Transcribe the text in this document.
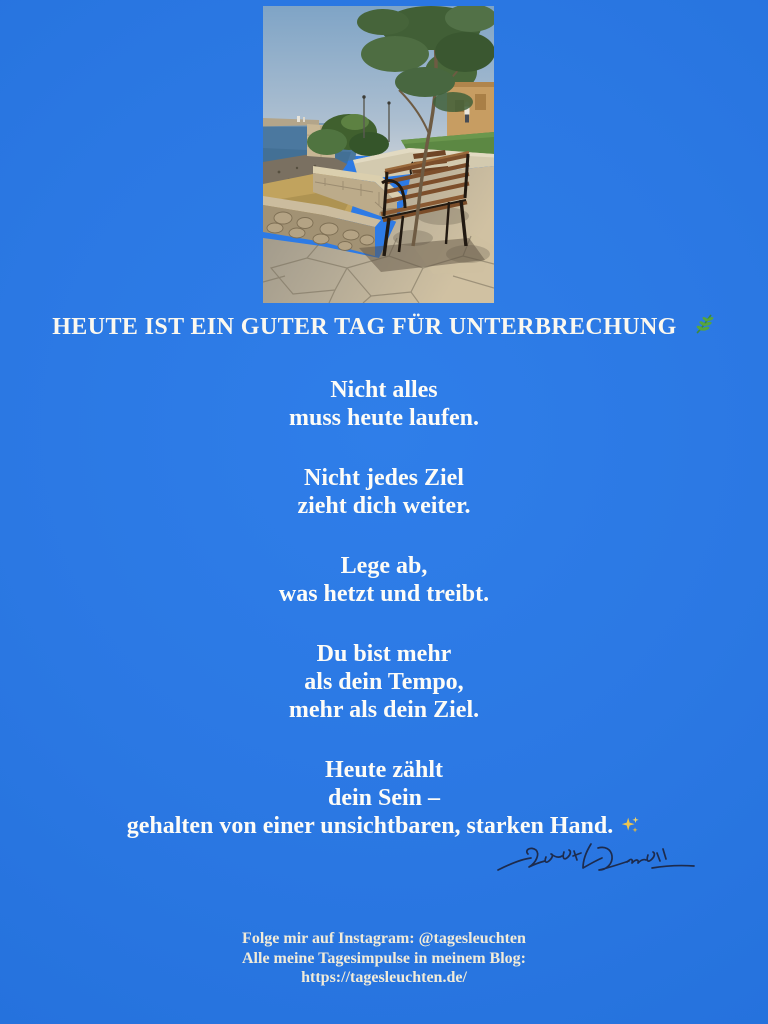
HEUTE IST EIN GUTER TAG FÜR UNTERBRECHUNG
Nicht alles
muss heute laufen.
Nicht jedes Ziel
zieht dich weiter.
Lege ab,
was hetzt und treibt.
Du bist mehr
als dein Tempo,
mehr als dein Ziel.
Heute zählt
dein Sein –
gehalten von einer unsichtbaren, starken Hand.
Folge mir auf Instagram: @tagesleuchten
Alle meine Tagesimpulse in meinem Blog:
https://tagesleuchten.de/
